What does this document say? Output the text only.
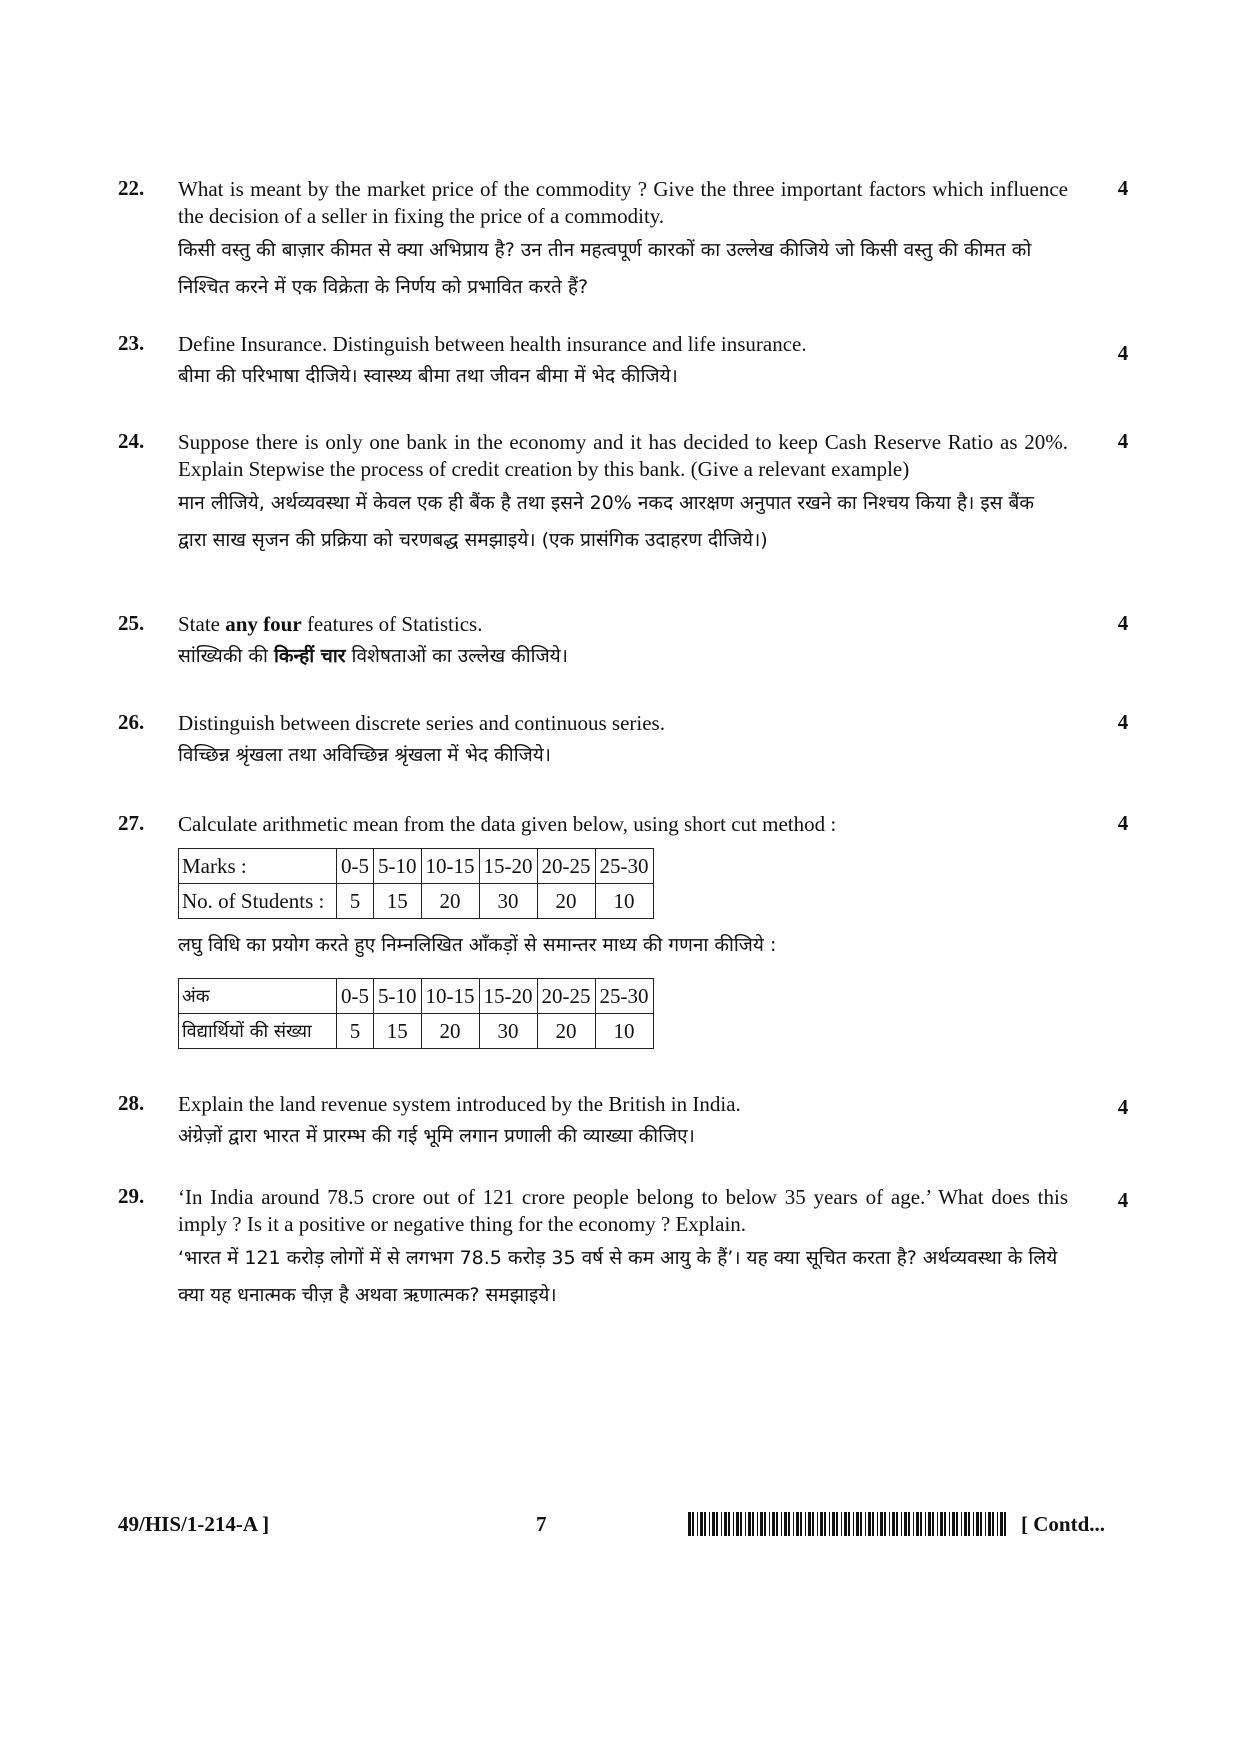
22.	What is meant by the market price of the commodity ? Give the three important factors which influence the decision of a seller in fixing the price of a commodity.

किसी वस्तु की बाज़ार कीमत से क्या अभिप्राय है? उन तीन महत्वपूर्ण कारकों का उल्लेख कीजिये जो किसी वस्तु की कीमत को निश्चित करने में एक विक्रेता के निर्णय को प्रभावित करते हैं?

4
23.	Define Insurance. Distinguish between health insurance and life insurance.

बीमा की परिभाषा दीजिये। स्वास्थ्य बीमा तथा जीवन बीमा में भेद कीजिये।

4
24.	Suppose there is only one bank in the economy and it has decided to keep Cash Reserve Ratio as 20%. Explain Stepwise the process of credit creation by this bank. (Give a relevant example)

मान लीजिये, अर्थव्यवस्था में केवल एक ही बैंक है तथा इसने 20% नकद आरक्षण अनुपात रखने का निश्चय किया है। इस बैंक द्वारा साख सृजन की प्रक्रिया को चरणबद्ध समझाइये। (एक प्रासंगिक उदाहरण दीजिये।)

4
25.	State any four features of Statistics.

सांख्यिकी की किन्हीं चार विशेषताओं का उल्लेख कीजिये।

4
26.	Distinguish between discrete series and continuous series.

विच्छिन्न श्रृंखला तथा अविच्छिन्न श्रृंखला में भेद कीजिये।

4
27.	Calculate arithmetic mean from the data given below, using short cut method :

Marks :	0-5	5-10	10-15	15-20	20-25	25-30
No. of Students :	5	15	20	30	20	10

लघु विधि का प्रयोग करते हुए निम्नलिखित आँकड़ों से समान्तर माध्य की गणना कीजिये :

अंक	0-5	5-10	10-15	15-20	20-25	25-30
विद्यार्थियों की संख्या	5	15	20	30	20	10
4
28.	Explain the land revenue system introduced by the British in India.

अंग्रेज़ों द्वारा भारत में प्रारम्भ की गई भूमि लगान प्रणाली की व्याख्या कीजिए।

4
29.	‘In India around 78.5 crore out of 121 crore people belong to below 35 years of age.’ What does this imply ? Is it a positive or negative thing for the economy ? Explain.

‘भारत में 121 करोड़ लोगों में से लगभग 78.5 करोड़ 35 वर्ष से कम आयु के हैं’। यह क्या सूचित करता है? अर्थव्यवस्था के लिये क्या यह धनात्मक चीज़ है अथवा ऋणात्मक? समझाइये।

4
49/HIS/1-214-A ]	7	[ Contd...
